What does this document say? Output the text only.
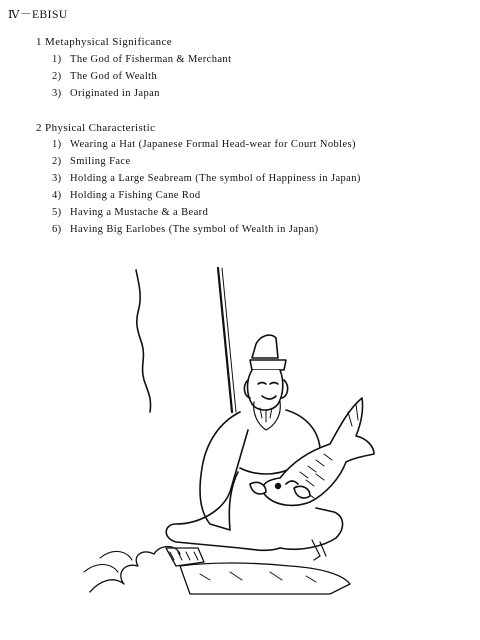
Ⅳ－EBISU
1 Metaphysical Significance
1) The God of Fisherman & Merchant
2) The God of Wealth
3) Originated in Japan
2 Physical Characteristic
1) Wearing a Hat (Japanese Formal Head-wear for Court Nobles)
2) Smiling Face
3) Holding a Large Seabream (The symbol of Happiness in Japan)
4) Holding a Fishing Cane Rod
5) Having a Mustache & a Beard
6) Having Big Earlobes (The symbol of Wealth in Japan)
